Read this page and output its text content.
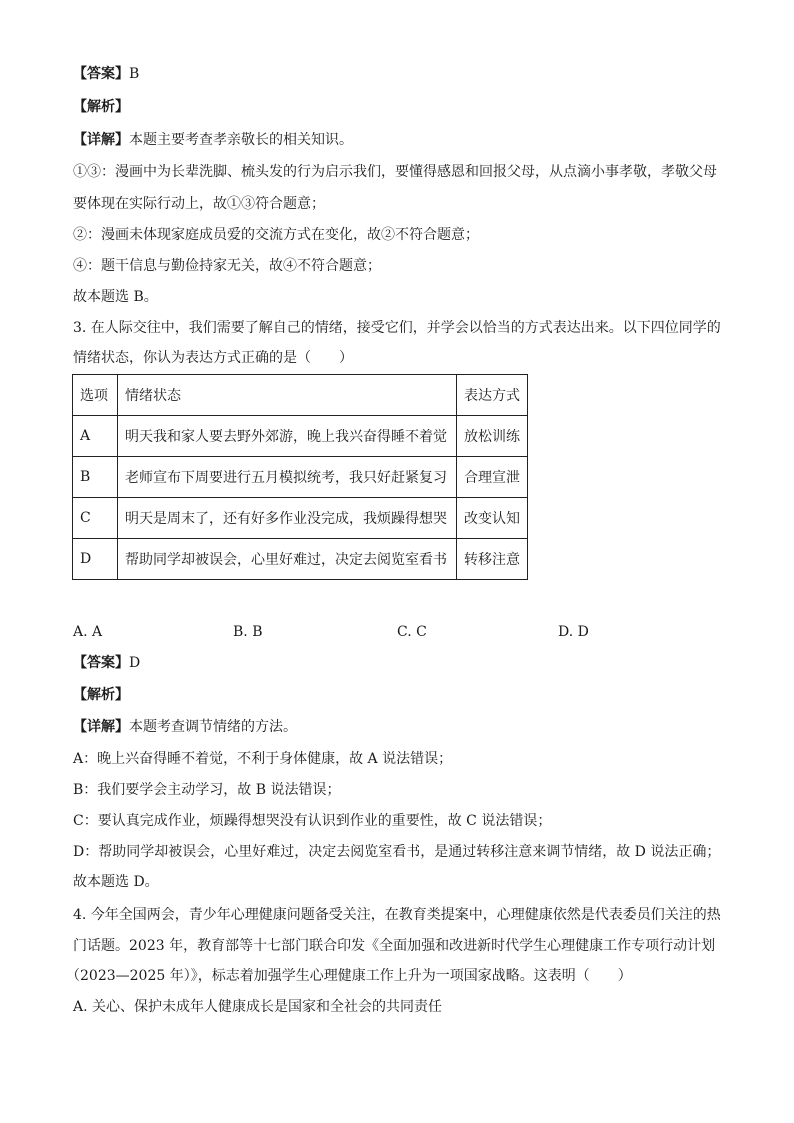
【答案】B
【解析】
【详解】本题主要考查孝亲敬长的相关知识。
①③：漫画中为长辈洗脚、梳头发的行为启示我们，要懂得感恩和回报父母，从点滴小事孝敬，孝敬父母
要体现在实际行动上，故①③符合题意；
②：漫画未体现家庭成员爱的交流方式在变化，故②不符合题意；
④：题干信息与勤俭持家无关，故④不符合题意；
故本题选 B。
3. 在人际交往中，我们需要了解自己的情绪，接受它们，并学会以恰当的方式表达出来。以下四位同学的
情绪状态，你认为表达方式正确的是（　　）
选项	情绪状态	表达方式
A	明天我和家人要去野外郊游，晚上我兴奋得睡不着觉	放松训练
B	老师宣布下周要进行五月模拟统考，我只好赶紧复习	合理宣泄
C	明天是周末了，还有好多作业没完成，我烦躁得想哭	改变认知
D	帮助同学却被误会，心里好难过，决定去阅览室看书	转移注意
A. A	B. B	C. C	D. D
【答案】D
【解析】
【详解】本题考查调节情绪的方法。
A：晚上兴奋得睡不着觉，不利于身体健康，故 A 说法错误；
B：我们要学会主动学习，故 B 说法错误；
C：要认真完成作业，烦躁得想哭没有认识到作业的重要性，故 C 说法错误；
D：帮助同学却被误会，心里好难过，决定去阅览室看书，是通过转移注意来调节情绪，故 D 说法正确；
故本题选 D。
4. 今年全国两会，青少年心理健康问题备受关注，在教育类提案中，心理健康依然是代表委员们关注的热
门话题。2023 年，教育部等十七部门联合印发《全面加强和改进新时代学生心理健康工作专项行动计划
（2023—2025 年）》，标志着加强学生心理健康工作上升为一项国家战略。这表明（　　）
A. 关心、保护未成年人健康成长是国家和全社会的共同责任
